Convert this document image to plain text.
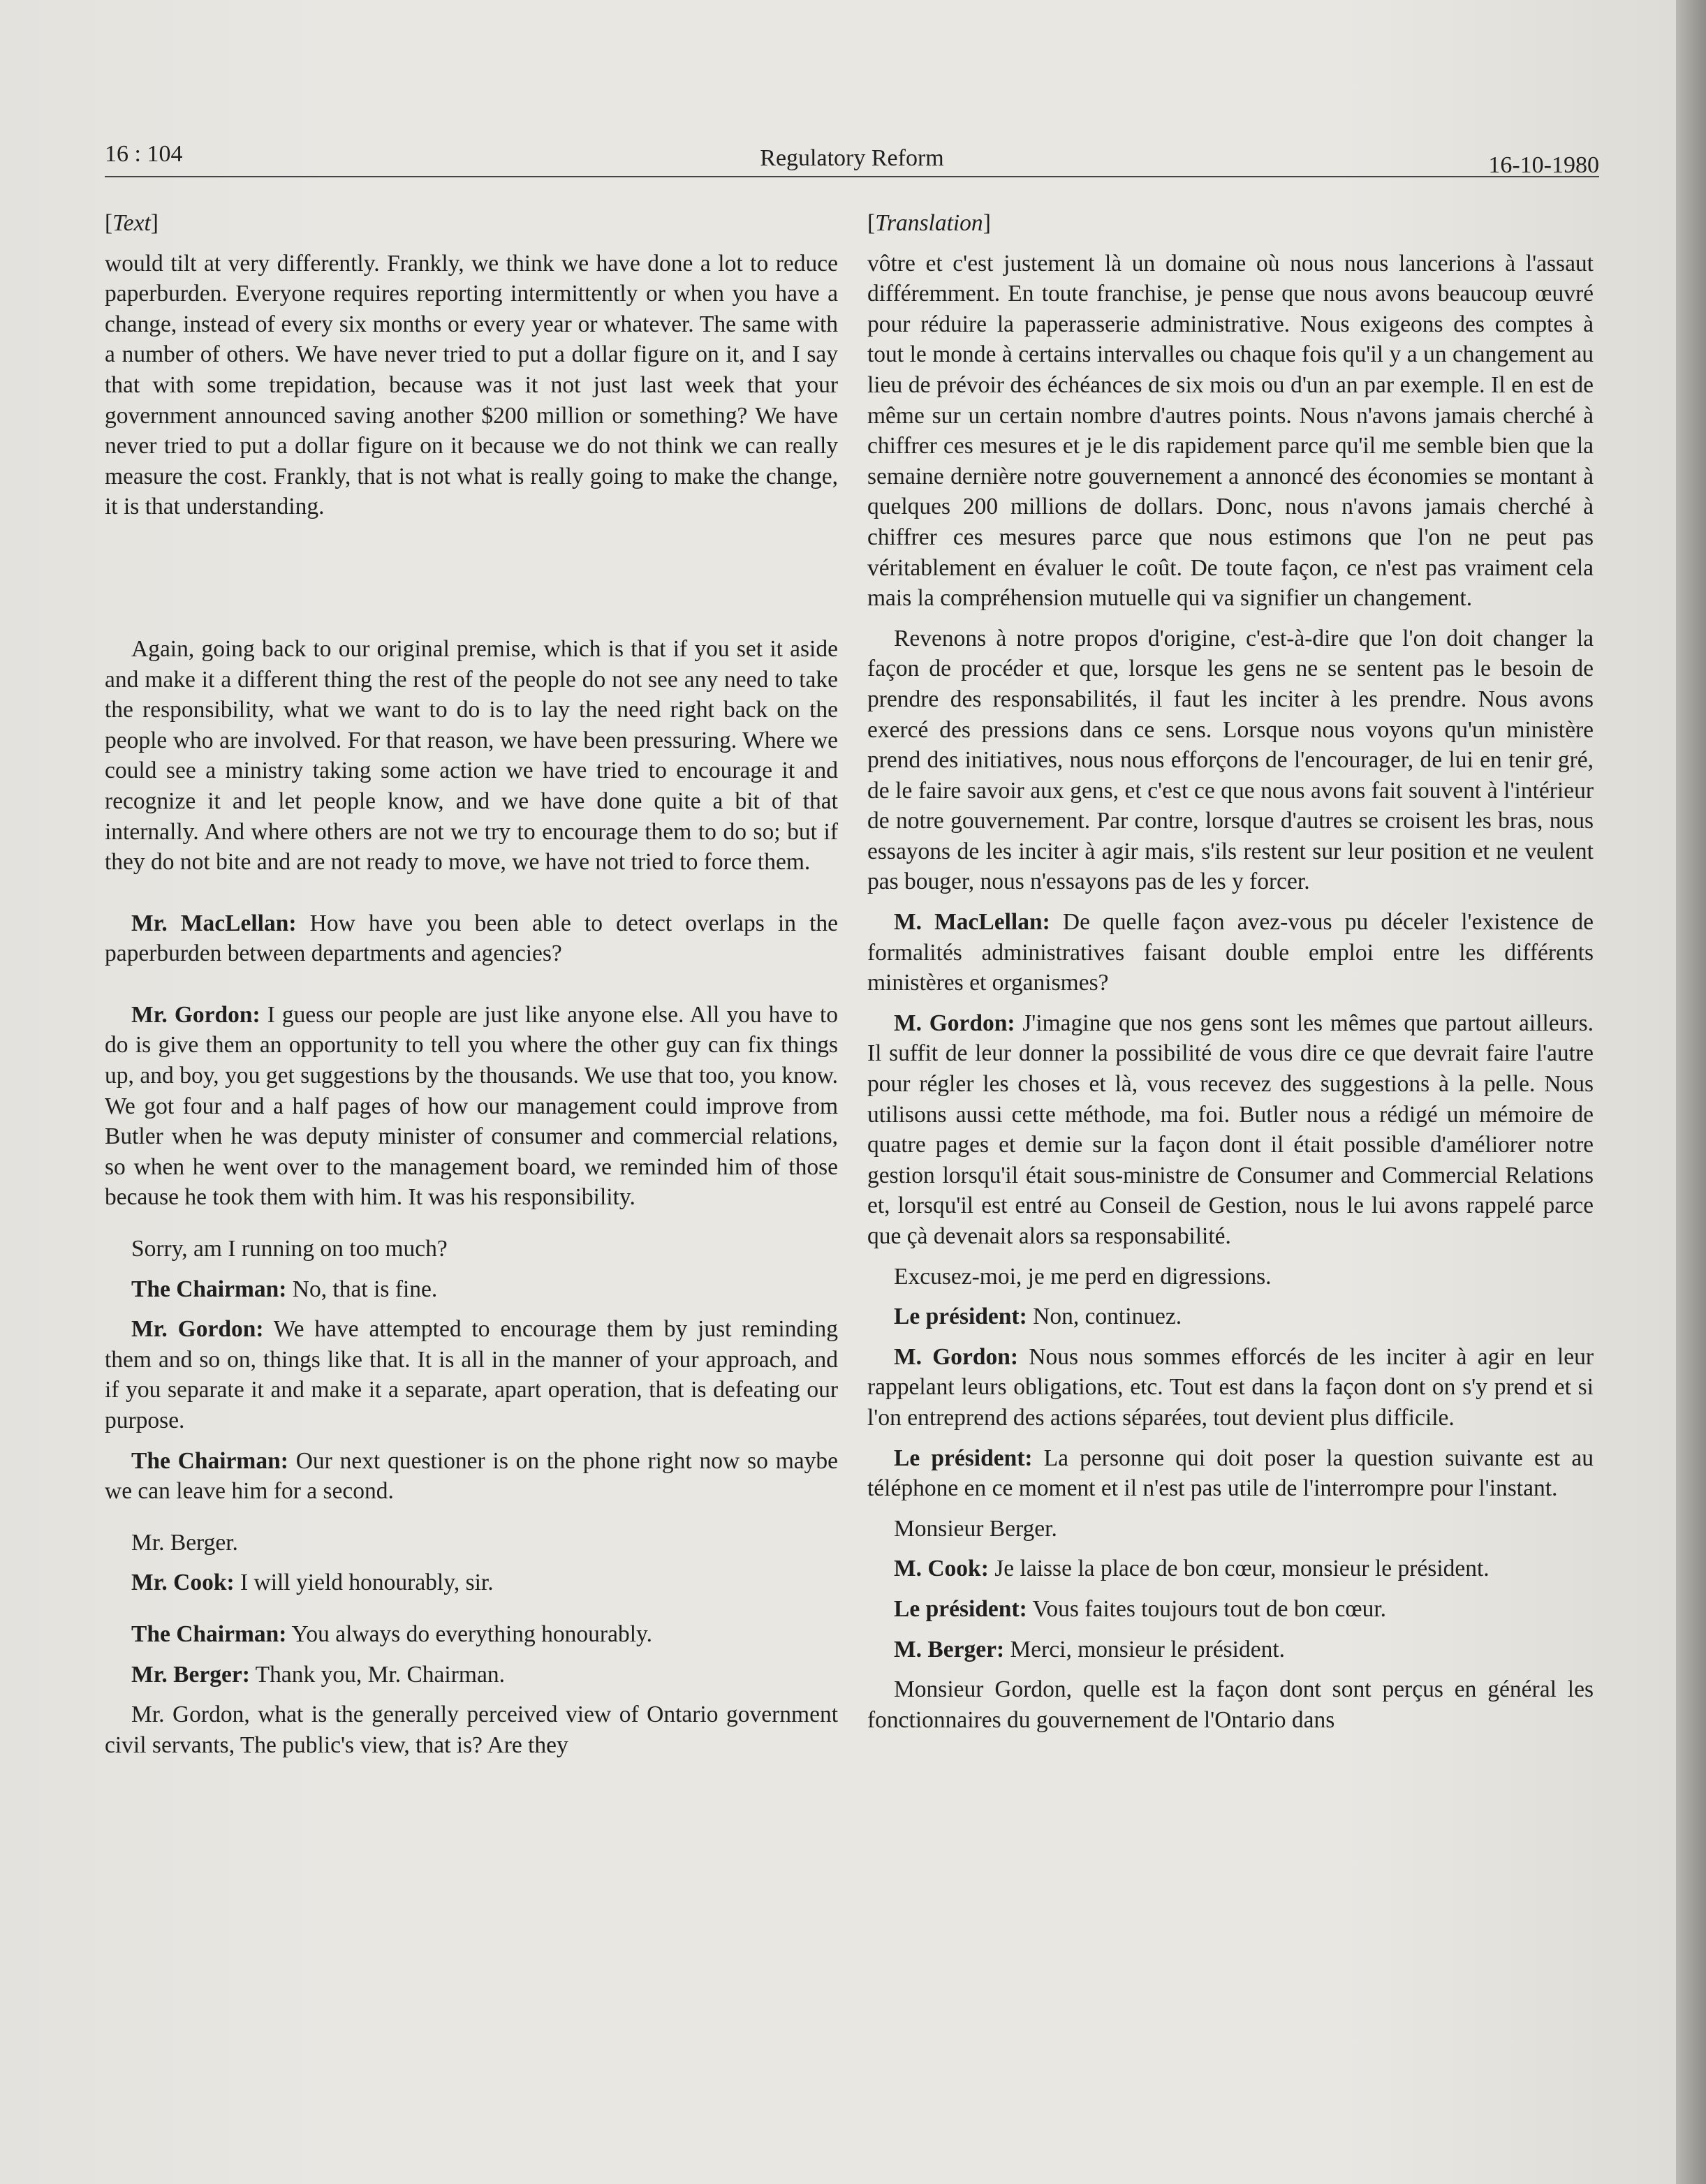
16 : 104	Regulatory Reform	16-10-1980

[Text]

would tilt at very differently. Frankly, we think we have done a lot to reduce paperburden. Everyone requires reporting intermittently or when you have a change, instead of every six months or every year or whatever. The same with a number of others. We have never tried to put a dollar figure on it, and I say that with some trepidation, because was it not just last week that your government announced saving another $200 million or something? We have never tried to put a dollar figure on it because we do not think we can really measure the cost. Frankly, that is not what is really going to make the change, it is that understanding.

Again, going back to our original premise, which is that if you set it aside and make it a different thing the rest of the people do not see any need to take the responsibility, what we want to do is to lay the need right back on the people who are involved. For that reason, we have been pressuring. Where we could see a ministry taking some action we have tried to encourage it and recognize it and let people know, and we have done quite a bit of that internally. And where others are not we try to encourage them to do so; but if they do not bite and are not ready to move, we have not tried to force them.

Mr. MacLellan: How have you been able to detect overlaps in the paperburden between departments and agencies?

Mr. Gordon: I guess our people are just like anyone else. All you have to do is give them an opportunity to tell you where the other guy can fix things up, and boy, you get suggestions by the thousands. We use that too, you know. We got four and a half pages of how our management could improve from Butler when he was deputy minister of consumer and commercial relations, so when he went over to the management board, we reminded him of those because he took them with him. It was his responsibility.

Sorry, am I running on too much?

The Chairman: No, that is fine.

Mr. Gordon: We have attempted to encourage them by just reminding them and so on, things like that. It is all in the manner of your approach, and if you separate it and make it a separate, apart operation, that is defeating our purpose.

The Chairman: Our next questioner is on the phone right now so maybe we can leave him for a second.

Mr. Berger.

Mr. Cook: I will yield honourably, sir.

The Chairman: You always do everything honourably.

Mr. Berger: Thank you, Mr. Chairman.

Mr. Gordon, what is the generally perceived view of Ontario government civil servants, The public's view, that is? Are they

[Translation]

vôtre et c'est justement là un domaine où nous nous lancerions à l'assaut différemment. En toute franchise, je pense que nous avons beaucoup œuvré pour réduire la paperasserie administrative. Nous exigeons des comptes à tout le monde à certains intervalles ou chaque fois qu'il y a un changement au lieu de prévoir des échéances de six mois ou d'un an par exemple. Il en est de même sur un certain nombre d'autres points. Nous n'avons jamais cherché à chiffrer ces mesures et je le dis rapidement parce qu'il me semble bien que la semaine dernière notre gouvernement a annoncé des économies se montant à quelques 200 millions de dollars. Donc, nous n'avons jamais cherché à chiffrer ces mesures parce que nous estimons que l'on ne peut pas véritablement en évaluer le coût. De toute façon, ce n'est pas vraiment cela mais la compréhension mutuelle qui va signifier un changement.

Revenons à notre propos d'origine, c'est-à-dire que l'on doit changer la façon de procéder et que, lorsque les gens ne se sentent pas le besoin de prendre des responsabilités, il faut les inciter à les prendre. Nous avons exercé des pressions dans ce sens. Lorsque nous voyons qu'un ministère prend des initiatives, nous nous efforçons de l'encourager, de lui en tenir gré, de le faire savoir aux gens, et c'est ce que nous avons fait souvent à l'intérieur de notre gouvernement. Par contre, lorsque d'autres se croisent les bras, nous essayons de les inciter à agir mais, s'ils restent sur leur position et ne veulent pas bouger, nous n'essayons pas de les y forcer.

M. MacLellan: De quelle façon avez-vous pu déceler l'existence de formalités administratives faisant double emploi entre les différents ministères et organismes?

M. Gordon: J'imagine que nos gens sont les mêmes que partout ailleurs. Il suffit de leur donner la possibilité de vous dire ce que devrait faire l'autre pour régler les choses et là, vous recevez des suggestions à la pelle. Nous utilisons aussi cette méthode, ma foi. Butler nous a rédigé un mémoire de quatre pages et demie sur la façon dont il était possible d'améliorer notre gestion lorsqu'il était sous-ministre de Consumer and Commercial Relations et, lorsqu'il est entré au Conseil de Gestion, nous le lui avons rappelé parce que çà devenait alors sa responsabilité.

Excusez-moi, je me perd en digressions.

Le président: Non, continuez.

M. Gordon: Nous nous sommes efforcés de les inciter à agir en leur rappelant leurs obligations, etc. Tout est dans la façon dont on s'y prend et si l'on entreprend des actions séparées, tout devient plus difficile.

Le président: La personne qui doit poser la question suivante est au téléphone en ce moment et il n'est pas utile de l'interrompre pour l'instant.

Monsieur Berger.

M. Cook: Je laisse la place de bon cœur, monsieur le président.

Le président: Vous faites toujours tout de bon cœur.

M. Berger: Merci, monsieur le président.

Monsieur Gordon, quelle est la façon dont sont perçus en général les fonctionnaires du gouvernement de l'Ontario dans
